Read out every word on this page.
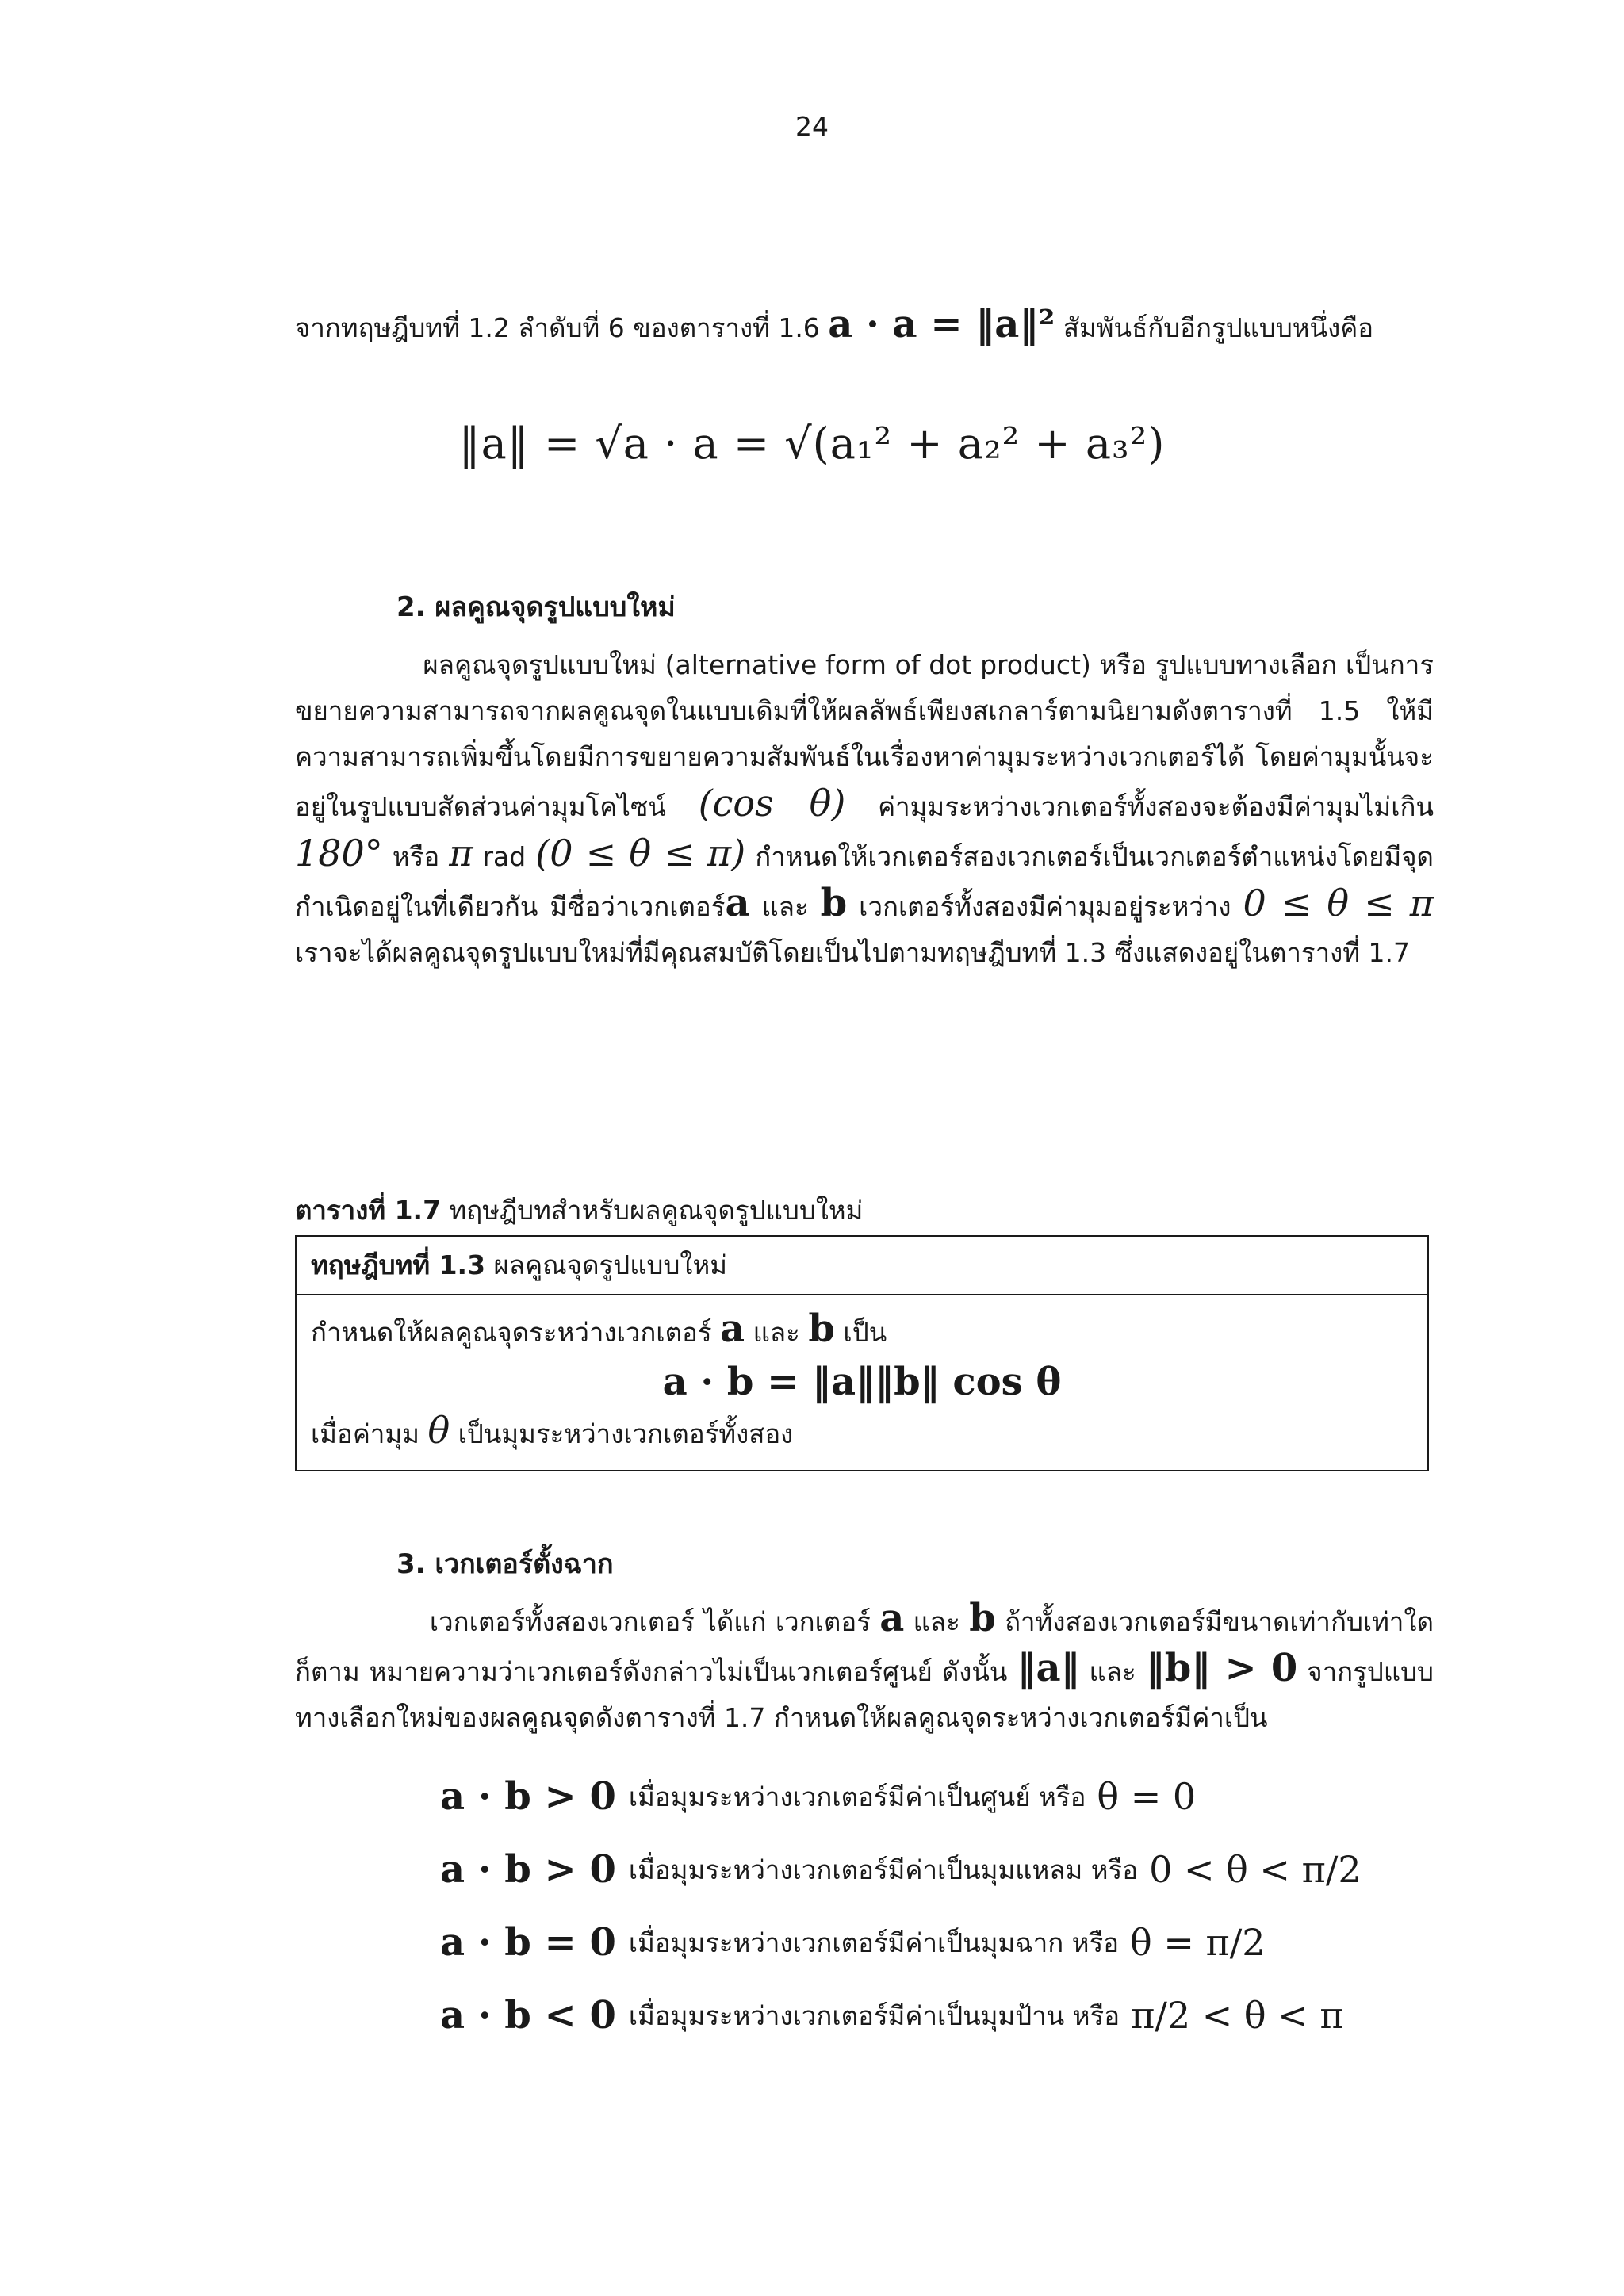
24
จากทฤษฎีบทที่ 1.2 ลำดับที่ 6 ของตารางที่ 1.6 a · a = ‖a‖² สัมพันธ์กับอีกรูปแบบหนึ่งคือ
‖a‖ = √a · a = √(a₁² + a₂² + a₃²)
2. ผลคูณจุดรูปแบบใหม่
ผลคูณจุดรูปแบบใหม่ (alternative form of dot product) หรือ รูปแบบทางเลือก เป็นการขยายความสามารถจากผลคูณจุดในแบบเดิมที่ให้ผลลัพธ์เพียงสเกลาร์ตามนิยามดังตารางที่ 1.5 ให้มีความสามารถเพิ่มขึ้นโดยมีการขยายความสัมพันธ์ในเรื่องหาค่ามุมระหว่างเวกเตอร์ได้ โดยค่ามุมนั้นจะอยู่ในรูปแบบสัดส่วนค่ามุมโคไซน์ (cos θ) ค่ามุมระหว่างเวกเตอร์ทั้งสองจะต้องมีค่ามุมไม่เกิน 180° หรือ π rad (0 ≤ θ ≤ π) กำหนดให้เวกเตอร์สองเวกเตอร์เป็นเวกเตอร์ตำแหน่งโดยมีจุดกำเนิดอยู่ในที่เดียวกัน มีชื่อว่าเวกเตอร์a และ b เวกเตอร์ทั้งสองมีค่ามุมอยู่ระหว่าง 0 ≤ θ ≤ π เราจะได้ผลคูณจุดรูปแบบใหม่ที่มีคุณสมบัติโดยเป็นไปตามทฤษฎีบทที่ 1.3 ซึ่งแสดงอยู่ในตารางที่ 1.7
ตารางที่ 1.7 ทฤษฎีบทสำหรับผลคูณจุดรูปแบบใหม่
ทฤษฎีบทที่ 1.3 ผลคูณจุดรูปแบบใหม่
กำหนดให้ผลคูณจุดระหว่างเวกเตอร์ a และ b เป็น
a · b = ‖a‖‖b‖ cos θ
เมื่อค่ามุม θ เป็นมุมระหว่างเวกเตอร์ทั้งสอง
3. เวกเตอร์ตั้งฉาก
เวกเตอร์ทั้งสองเวกเตอร์ ได้แก่ เวกเตอร์ a และ b ถ้าทั้งสองเวกเตอร์มีขนาดเท่ากับเท่าใดก็ตาม หมายความว่าเวกเตอร์ดังกล่าวไม่เป็นเวกเตอร์ศูนย์ ดังนั้น ‖a‖ และ ‖b‖ > 0 จากรูปแบบทางเลือกใหม่ของผลคูณจุดดังตารางที่ 1.7 กำหนดให้ผลคูณจุดระหว่างเวกเตอร์มีค่าเป็น
a · b > 0 เมื่อมุมระหว่างเวกเตอร์มีค่าเป็นศูนย์ หรือ θ = 0
a · b > 0 เมื่อมุมระหว่างเวกเตอร์มีค่าเป็นมุมแหลม หรือ 0 < θ < π/2
a · b = 0 เมื่อมุมระหว่างเวกเตอร์มีค่าเป็นมุมฉาก หรือ θ = π/2
a · b < 0 เมื่อมุมระหว่างเวกเตอร์มีค่าเป็นมุมป้าน หรือ π/2 < θ < π
